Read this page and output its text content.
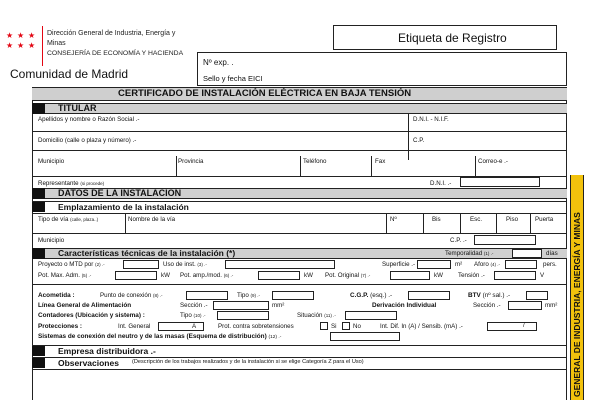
★ ★ ★
★ ★ ★
Dirección General de Industria, Energía y
Minas
CONSEJERÍA DE ECONOMÍA Y HACIENDA
Comunidad de Madrid
Etiqueta de Registro
Nº exp. .
Sello y fecha EICI
CERTIFICADO DE INSTALACIÓN ELÉCTRICA EN BAJA TENSIÓN
TITULAR
Apellidos y nombre o Razón Social .-	D.N.I. - N.I.F.
Domicilio (calle o plaza y número) .-	C.P.
Municipio	Provincia	Teléfono	Fax	Correo-e .-
Representante (si procede)	D.N.I. .-
DATOS DE LA INSTALACION
Emplazamiento de la instalación
Tipo de vía (calle, plaza..)	Nombre de la vía	Nº	Bis	Esc.	Piso	Puerta
Municipio	C.P. .-
Características técnicas de la instalación (*)	Temporalidad (1) .-	días
Proyecto o MTD por (2) .-	Uso de inst. (3) .-	Superficie .-	m² Aforo (4) .-	pers.
Pot. Max. Adm. (5) .-	kW Pot. amp./mod. (6) .-	kW Pot. Original (7) .-	kW Tensión .-	V
Acometida :	Punto de conexión (8) .-	Tipo (9) .-	C.G.P. (esq.) .-	BTV (nº sal.) .-
Línea General de Alimentación	Sección .-	mm²	Derivación Individual	Sección .-	mm²
Contadores (Ubicación y sistema) :	Tipo (10) .-	Situación (11) .-
Protecciones :	Int. General	A	Prot. contra sobretensiones	Si	No	Int. Dif. In (A) / Sensib. (mA) .-	/
Sistemas de conexión del neutro y de las masas (Esquema de distribución) (12) .-
Empresa distribuidora .-
Observaciones (Descripción de los trabajos realizados y de la instalación si se elige Categoría Z para el Uso)	GENERAL DE INDUSTRIA, ENERGÍA Y MINAS
